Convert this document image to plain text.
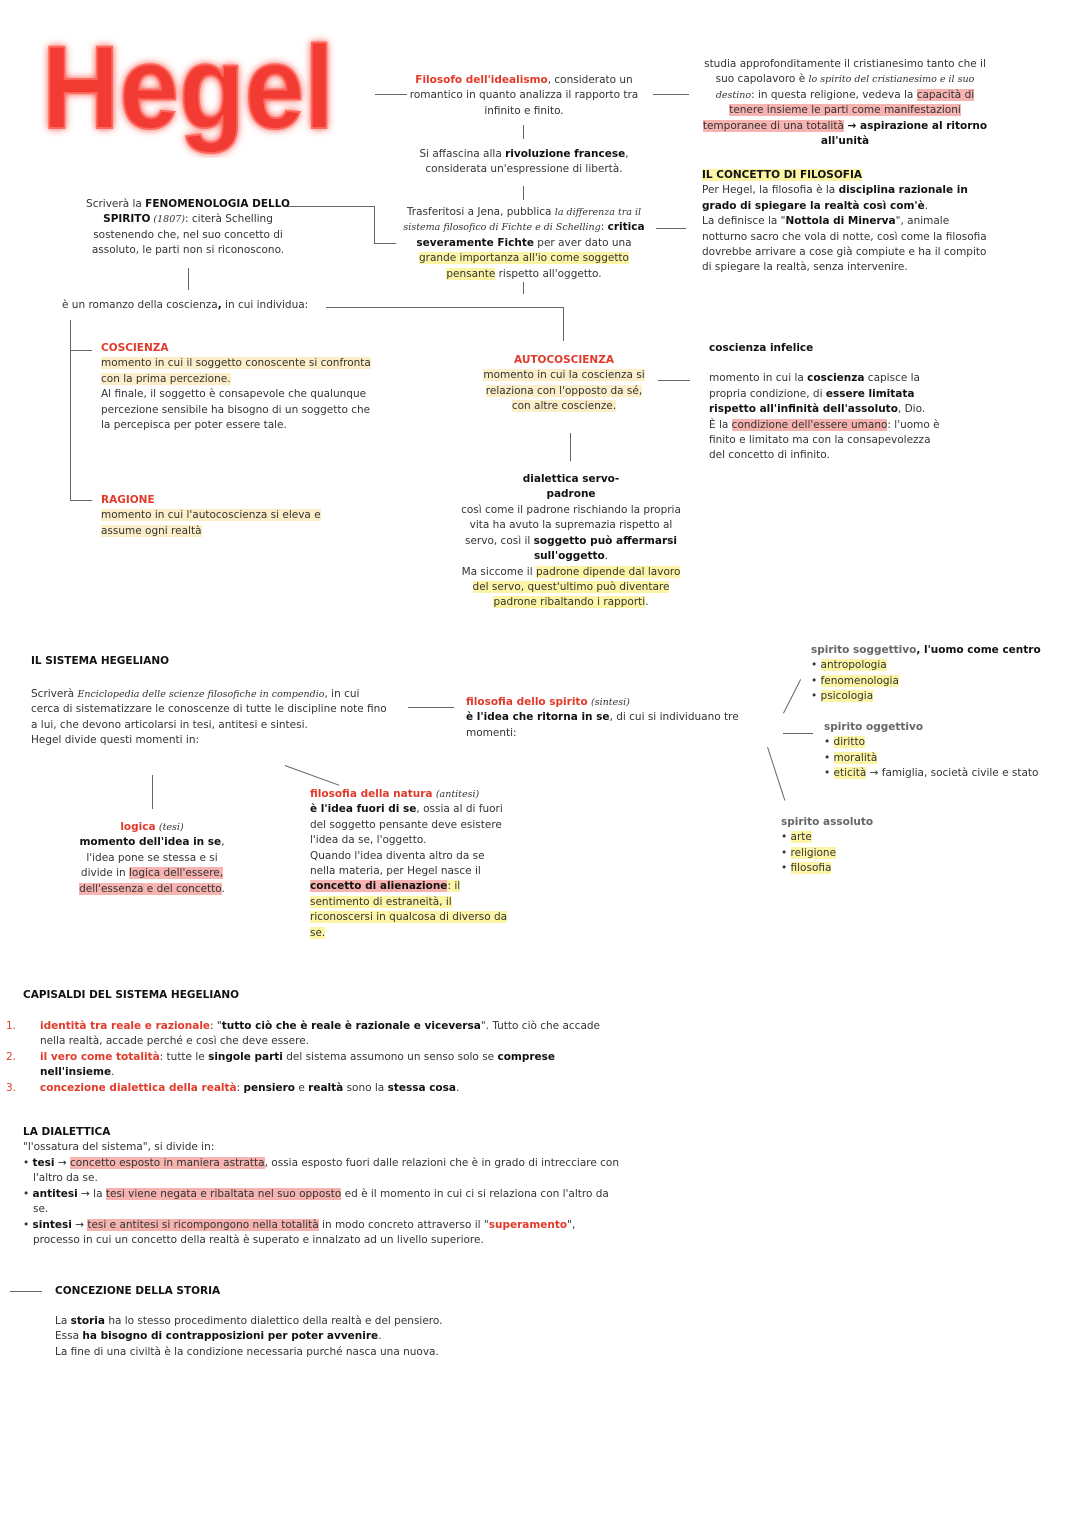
Hegel	Filosofo dell'idealismo, considerato un romantico in quanto analizza il rapporto tra infinito e finito.
Si affascina alla rivoluzione francese, considerata un'espressione di libertà.
Trasferitosi a Jena, pubblica la differenza tra il sistema filosofico di Fichte e di Schelling: critica severamente Fichte per aver dato una grande importanza all'io come soggetto pensante rispetto all'oggetto.
studia approfonditamente il cristianesimo tanto che il suo capolavoro è lo spirito del cristianesimo e il suo destino: in questa religione, vedeva la capacità di tenere insieme le parti come manifestazioni temporanee di una totalità → aspirazione al ritorno all'unità
IL CONCETTO DI FILOSOFIA
Per Hegel, la filosofia è la disciplina razionale in grado di spiegare la realtà così com'è.
La definisce la "Nottola di Minerva", animale notturno sacro che vola di notte, così come la filosofia dovrebbe arrivare a cose già compiute e ha il compito di spiegare la realtà, senza intervenire.
Scriverà la FENOMENOLOGIA DELLO SPIRITO (1807): citerà Schelling sostenendo che, nel suo concetto di assoluto, le parti non si riconoscono.
è un romanzo della coscienza, in cui individua:
COSCIENZA
momento in cui il soggetto conoscente si confronta con la prima percezione.
Al finale, il soggetto è consapevole che qualunque percezione sensibile ha bisogno di un soggetto che la percepisca per poter essere tale.
RAGIONE
momento in cui l'autocoscienza si eleva e assume ogni realtà
AUTOCOSCIENZA
momento in cui la coscienza si relaziona con l'opposto da sé, con altre coscienze.
coscienza infelice
momento in cui la coscienza capisce la propria condizione, di essere limitata rispetto all'infinità dell'assoluto, Dio.
È la condizione dell'essere umano: l'uomo è finito e limitato ma con la consapevolezza del concetto di infinito.
dialettica servo-padrone
così come il padrone rischiando la propria vita ha avuto la supremazia rispetto al servo, così il soggetto può affermarsi sull'oggetto.
Ma siccome il padrone dipende dal lavoro del servo, quest'ultimo può diventare padrone ribaltando i rapporti.
IL SISTEMA HEGELIANO
Scriverà Enciclopedia delle scienze filosofiche in compendio, in cui cerca di sistematizzare le conoscenze di tutte le discipline note fino a lui, che devono articolarsi in tesi, antitesi e sintesi.
Hegel divide questi momenti in:
logica (tesi)
momento dell'idea in se,
l'idea pone se stessa e si divide in logica dell'essere, dell'essenza e del concetto.
filosofia della natura (antitesi)
è l'idea fuori di se, ossia al di fuori del soggetto pensante deve esistere l'idea da se, l'oggetto.
Quando l'idea diventa altro da se nella materia, per Hegel nasce il concetto di alienazione: il sentimento di estraneità, il riconoscersi in qualcosa di diverso da se.
filosofia dello spirito (sintesi)
è l'idea che ritorna in se, di cui si individuano tre momenti:
spirito soggettivo, l'uomo come centro
• antropologia
• fenomenologia
• psicologia
spirito oggettivo
• diritto
• moralità
• eticità → famiglia, società civile e stato
spirito assoluto
• arte
• religione
• filosofia
CAPISALDI DEL SISTEMA HEGELIANO
1. identità tra reale e razionale: "tutto ciò che è reale è razionale e viceversa". Tutto ciò che accade nella realtà, accade perché e così che deve essere.
2. il vero come totalità: tutte le singole parti del sistema assumono un senso solo se comprese nell'insieme.
3. concezione dialettica della realtà: pensiero e realtà sono la stessa cosa.
LA DIALETTICA
"l'ossatura del sistema", si divide in:
• tesi → concetto esposto in maniera astratta, ossia esposto fuori dalle relazioni che è in grado di intrecciare con l'altro da se.
• antitesi → la tesi viene negata e ribaltata nel suo opposto ed è il momento in cui ci si relaziona con l'altro da se.
• sintesi → tesi e antitesi si ricompongono nella totalità in modo concreto attraverso il "superamento", processo in cui un concetto della realtà è superato e innalzato ad un livello superiore.
CONCEZIONE DELLA STORIA
La storia ha lo stesso procedimento dialettico della realtà e del pensiero.
Essa ha bisogno di contrapposizioni per poter avvenire.
La fine di una civiltà è la condizione necessaria purché nasca una nuova.
